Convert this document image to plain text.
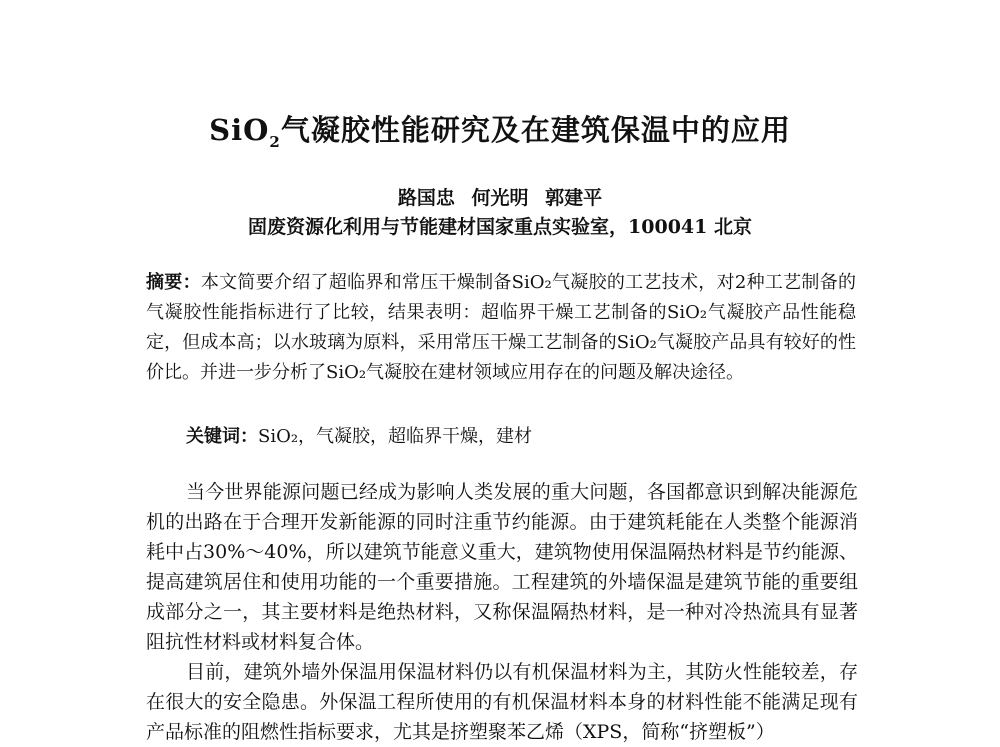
SiO$_2$气凝胶性能研究及在建筑保温中的应用
路国忠 何光明 郭建平
固废资源化利用与节能建材国家重点实验室，100041 北京
摘要：本文简要介绍了超临界和常压干燥制备SiO₂气凝胶的工艺技术，对2种工艺制备的气凝胶性能指标进行了比较，结果表明：超临界干燥工艺制备的SiO₂气凝胶产品性能稳定，但成本高；以水玻璃为原料，采用常压干燥工艺制备的SiO₂气凝胶产品具有较好的性价比。并进一步分析了SiO₂气凝胶在建材领域应用存在的问题及解决途径。
关键词：SiO₂，气凝胶，超临界干燥，建材
当今世界能源问题已经成为影响人类发展的重大问题，各国都意识到解决能源危机的出路在于合理开发新能源的同时注重节约能源。由于建筑耗能在人类整个能源消耗中占30%～40%，所以建筑节能意义重大，建筑物使用保温隔热材料是节约能源、提高建筑居住和使用功能的一个重要措施。工程建筑的外墙保温是建筑节能的重要组成部分之一，其主要材料是绝热材料，又称保温隔热材料，是一种对冷热流具有显著阻抗性材料或材料复合体。
目前，建筑外墙外保温用保温材料仍以有机保温材料为主，其防火性能较差，存在很大的安全隐患。外保温工程所使用的有机保温材料本身的材料性能不能满足现有产品标准的阻燃性指标要求，尤其是挤塑聚苯乙烯（XPS，简称“挤塑板”）
